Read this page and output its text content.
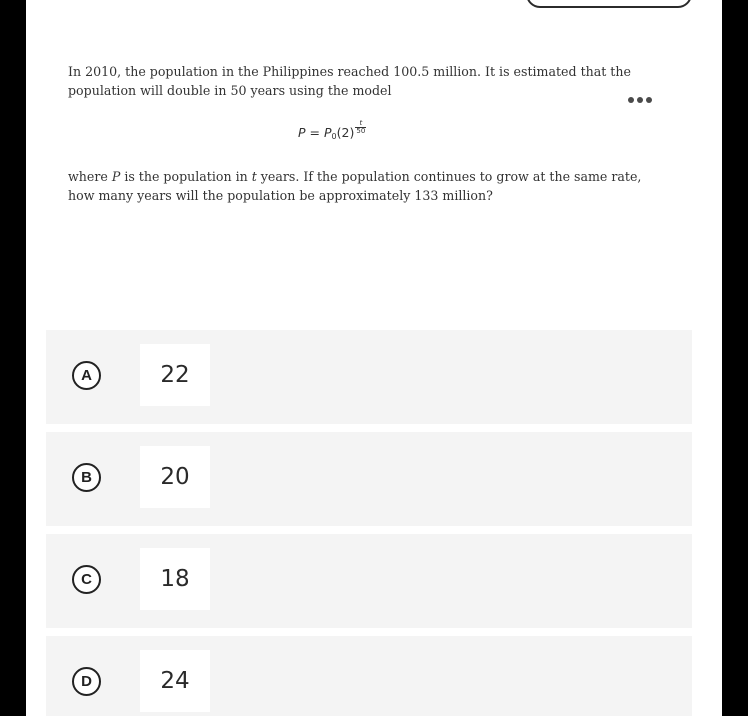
In 2010, the population in the Philippines reached 100.5 million. It is estimated that the

population will double in 50 years using the model

$P = P_0(2) \frac{t}{50}$

where P is the population in t years. If the population continues to grow at the same rate,

how many years will the population be approximately 133 million?

A	22
B	20
C	18
D	24
